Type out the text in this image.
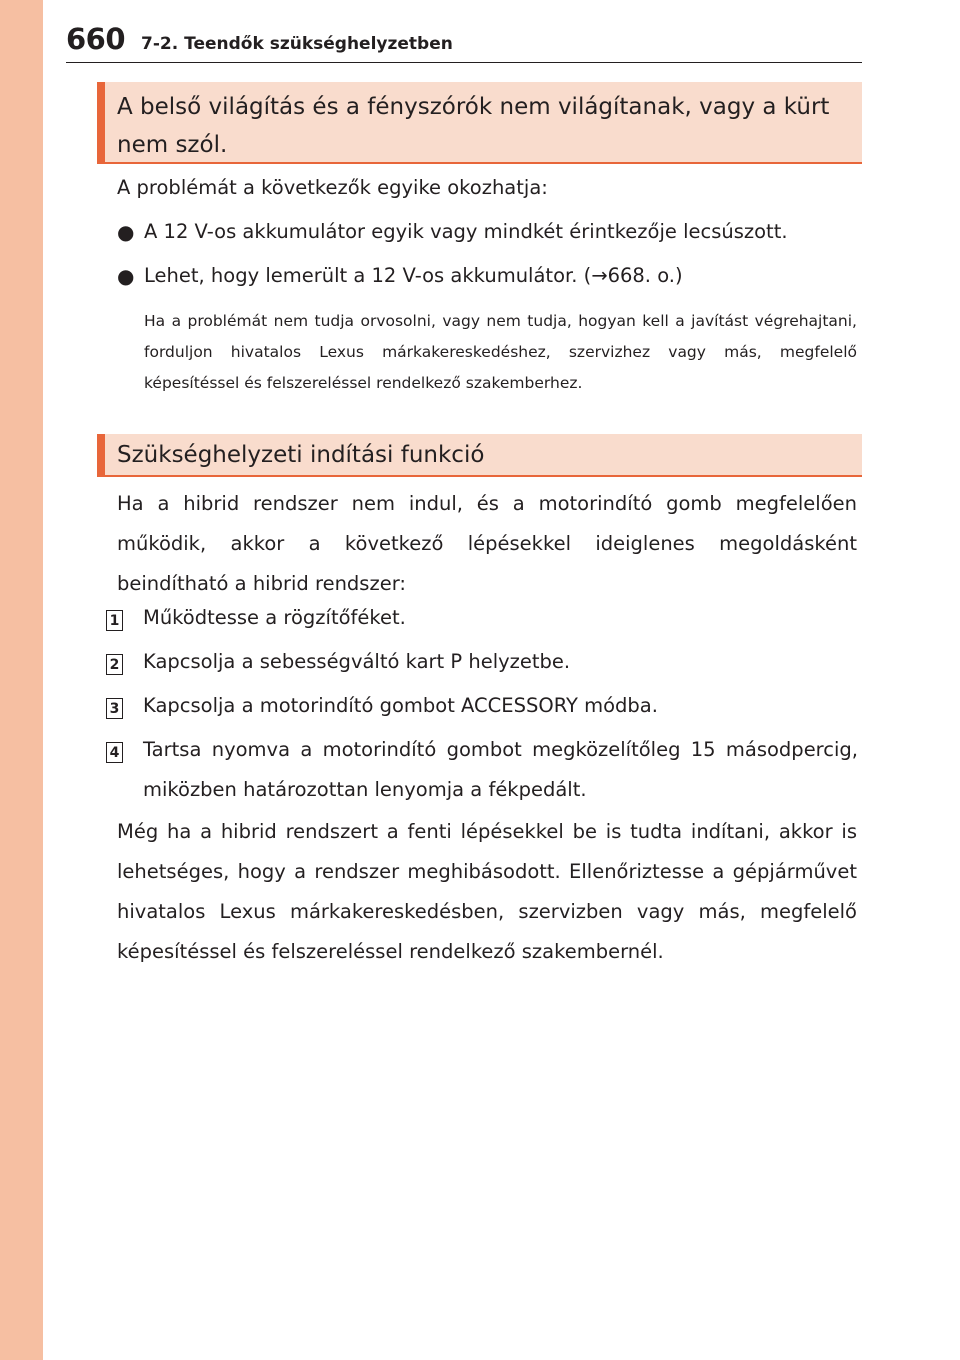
660 7-2. Teendők szükséghelyzetben
A belső világítás és a fényszórók nem világítanak, vagy a kürt nem szól.

A problémát a következők egyike okozhatja:

● A 12 V-os akkumulátor egyik vagy mindkét érintkezője lecsúszott.
● Lehet, hogy lemerült a 12 V-os akkumulátor. (→668. o.)

Ha a problémát nem tudja orvosolni, vagy nem tudja, hogyan kell a javítást végrehajtani, forduljon hivatalos Lexus márkakereskedéshez, szervizhez vagy más, megfelelő képesítéssel és felszereléssel rendelkező szakemberhez.

Szükséghelyzeti indítási funkció

Ha a hibrid rendszer nem indul, és a motorindító gomb megfelelően működik, akkor a következő lépésekkel ideiglenes megoldásként beindítható a hibrid rendszer:

1 Működtesse a rögzítőféket.
2 Kapcsolja a sebességváltó kart P helyzetbe.
3 Kapcsolja a motorindító gombot ACCESSORY módba.
4 Tartsa nyomva a motorindító gombot megközelítőleg 15 másodpercig, miközben határozottan lenyomja a fékpedált.

Még ha a hibrid rendszert a fenti lépésekkel be is tudta indítani, akkor is lehetséges, hogy a rendszer meghibásodott. Ellenőriztesse a gépjárművet hivatalos Lexus márkakereskedésben, szervizben vagy más, megfelelő képesítéssel és felszereléssel rendelkező szakembernél.
